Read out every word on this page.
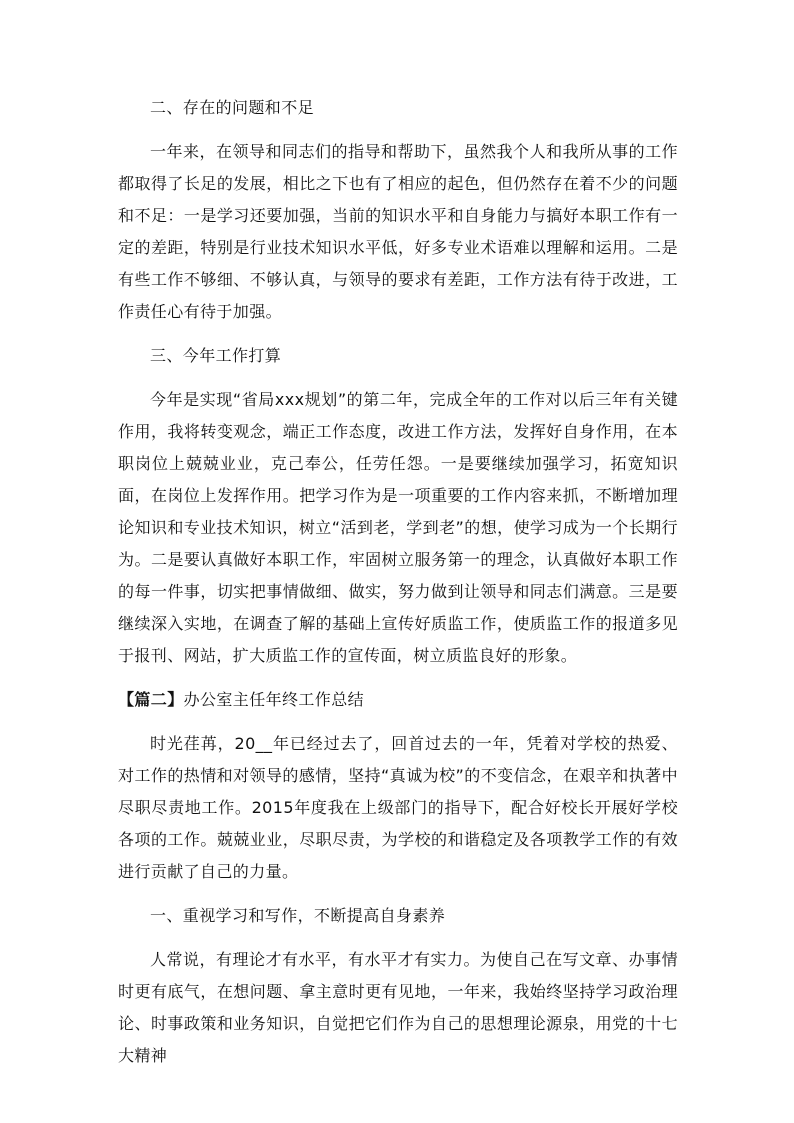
二、存在的问题和不足

一年来，在领导和同志们的指导和帮助下，虽然我个人和我所从事的工作都取得了长足的发展，相比之下也有了相应的起色，但仍然存在着不少的问题和不足：一是学习还要加强，当前的知识水平和自身能力与搞好本职工作有一定的差距，特别是行业技术知识水平低，好多专业术语难以理解和运用。二是有些工作不够细、不够认真，与领导的要求有差距，工作方法有待于改进，工作责任心有待于加强。

三、今年工作打算

今年是实现“省局xxx规划”的第二年，完成全年的工作对以后三年有关键作用，我将转变观念，端正工作态度，改进工作方法，发挥好自身作用，在本职岗位上兢兢业业，克己奉公，任劳任怨。一是要继续加强学习，拓宽知识面，在岗位上发挥作用。把学习作为是一项重要的工作内容来抓，不断增加理论知识和专业技术知识，树立“活到老，学到老”的想，使学习成为一个长期行为。二是要认真做好本职工作，牢固树立服务第一的理念，认真做好本职工作的每一件事，切实把事情做细、做实，努力做到让领导和同志们满意。三是要继续深入实地，在调查了解的基础上宣传好质监工作，使质监工作的报道多见于报刊、网站，扩大质监工作的宣传面，树立质监良好的形象。

【篇二】办公室主任年终工作总结

时光荏苒，20__年已经过去了，回首过去的一年，凭着对学校的热爱、对工作的热情和对领导的感情，坚持“真诚为校”的不变信念，在艰辛和执著中尽职尽责地工作。2015年度我在上级部门的指导下，配合好校长开展好学校各项的工作。兢兢业业，尽职尽责，为学校的和谐稳定及各项教学工作的有效进行贡献了自己的力量。

一、重视学习和写作，不断提高自身素养

人常说，有理论才有水平，有水平才有实力。为使自己在写文章、办事情时更有底气，在想问题、拿主意时更有见地，一年来，我始终坚持学习政治理论、时事政策和业务知识，自觉把它们作为自己的思想理论源泉，用党的十七大精神
